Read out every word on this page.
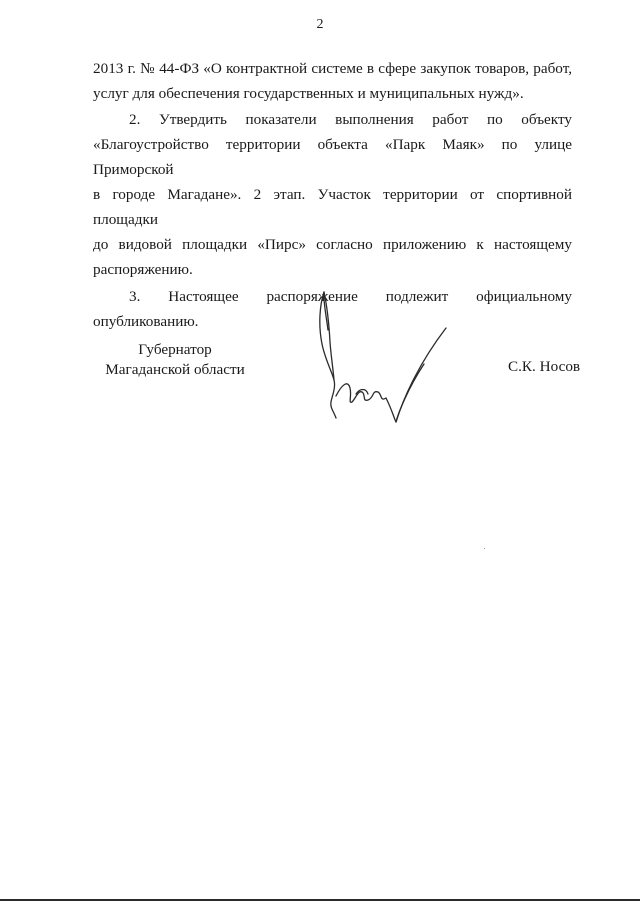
2

2013 г. № 44-ФЗ «О контрактной системе в сфере закупок товаров, работ,
услуг для обеспечения государственных и муниципальных нужд».

2. Утвердить показатели выполнения работ по объекту
«Благоустройство территории объекта «Парк Маяк» по улице Приморской
в городе Магадане». 2 этап. Участок территории от спортивной площадки
до видовой площадки «Пирс» согласно приложению к настоящему
распоряжению.

3. Настоящее распоряжение подлежит официальному
опубликованию.

Губернатор
Магаданской области	С.К. Носов
